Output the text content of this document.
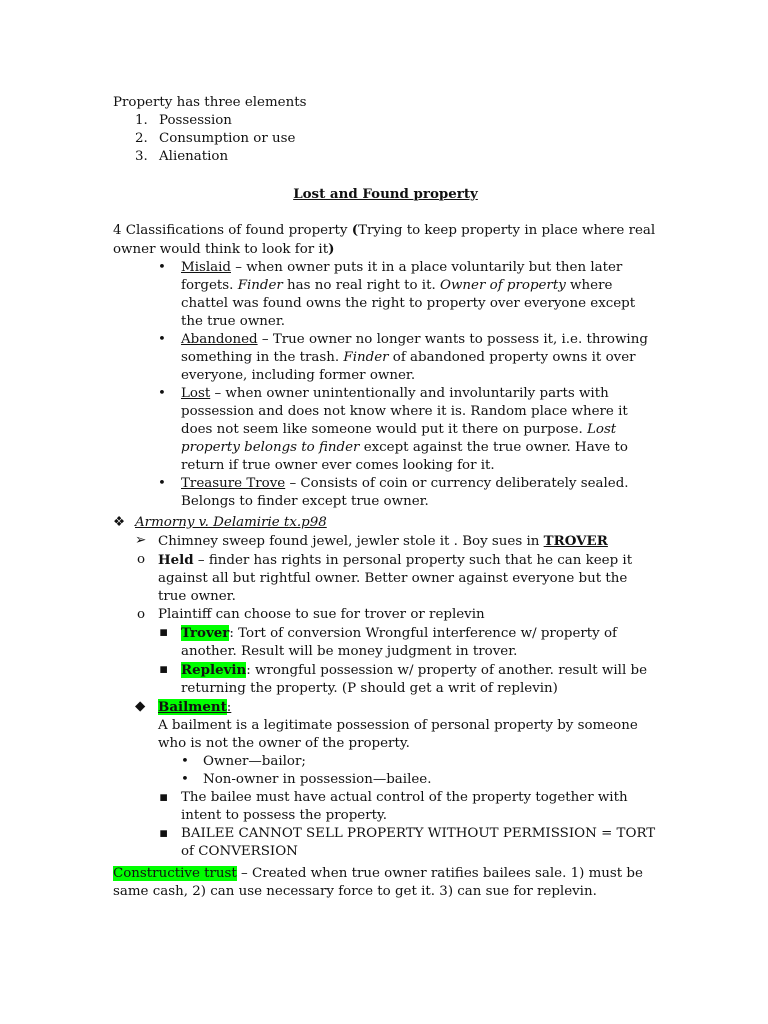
Property has three elements

1. Possession
2. Consumption or use
3. Alienation
Lost and Found property

4 Classifications of found property (Trying to keep property in place where real owner would think to look for it)

• Mislaid – when owner puts it in a place voluntarily but then later forgets. Finder has no real right to it. Owner of property where chattel was found owns the right to property over everyone except the true owner.
• Abandoned – True owner no longer wants to possess it, i.e. throwing something in the trash. Finder of abandoned property owns it over everyone, including former owner.
• Lost – when owner unintentionally and involuntarily parts with possession and does not know where it is. Random place where it does not seem like someone would put it there on purpose. Lost property belongs to finder except against the true owner. Have to return if true owner ever comes looking for it.
• Treasure Trove – Consists of coin or currency deliberately sealed. Belongs to finder except true owner.
❖ Armorny v. Delamirie tx.p98
➢ Chimney sweep found jewel, jewler stole it . Boy sues in TROVER
o Held – finder has rights in personal property such that he can keep it against all but rightful owner. Better owner against everyone but the true owner.
o Plaintiff can choose to sue for trover or replevin
▪ Trover: Tort of conversion Wrongful interference w/ property of another. Result will be money judgment in trover.
▪ Replevin: wrongful possession w/ property of another. result will be returning the property. (P should get a writ of replevin)
◆ Bailment:
A bailment is a legitimate possession of personal property by someone who is not the owner of the property.
• Owner—bailor;
• Non-owner in possession—bailee.
▪ The bailee must have actual control of the property together with intent to possess the property.
▪ BAILEE CANNOT SELL PROPERTY WITHOUT PERMISSION = TORT of CONVERSION

Constructive trust – Created when true owner ratifies bailees sale. 1) must be same cash, 2) can use necessary force to get it. 3) can sue for replevin.
